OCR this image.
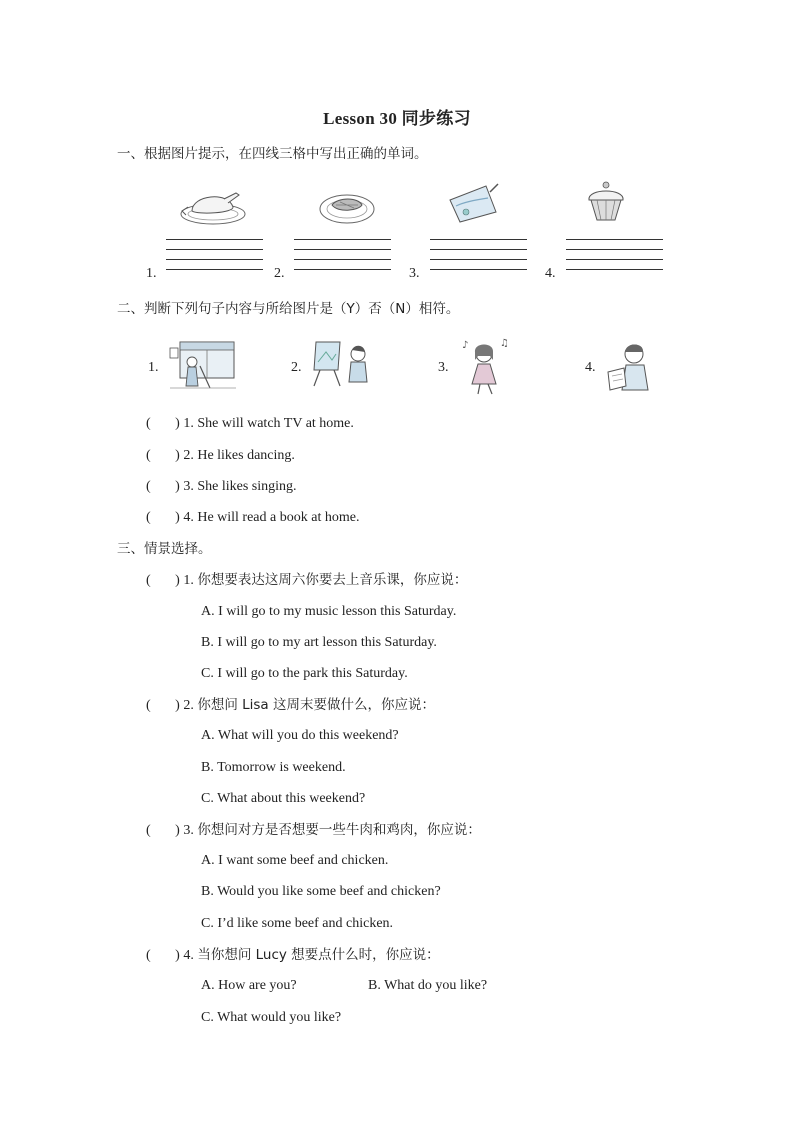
Lesson 30 同步练习
一、根据图片提示，在四线三格中写出正确的单词。
1.	2.	3.	4.
二、判断下列句子内容与所给图片是（Y）否（N）相符。
1.	2.	3.
♪	♫
4.
(       ) 1. She will watch TV at home.
(       ) 2. He likes dancing.
(       ) 3. She likes singing.
(       ) 4. He will read a book at home.
三、情景选择。
(       ) 1. 你想要表达这周六你要去上音乐课，你应说：
A. I will go to my music lesson this Saturday.
B. I will go to my art lesson this Saturday.
C. I will go to the park this Saturday.
(       ) 2. 你想问 Lisa 这周末要做什么，你应说：
A. What will you do this weekend?
B. Tomorrow is weekend.
C. What about this weekend?
(       ) 3. 你想问对方是否想要一些牛肉和鸡肉，你应说：
A. I want some beef and chicken.
B. Would you like some beef and chicken?
C. I’d like some beef and chicken.
(       ) 4. 当你想问 Lucy 想要点什么时，你应说：
A. How are you?	B. What do you like?
C. What would you like?
